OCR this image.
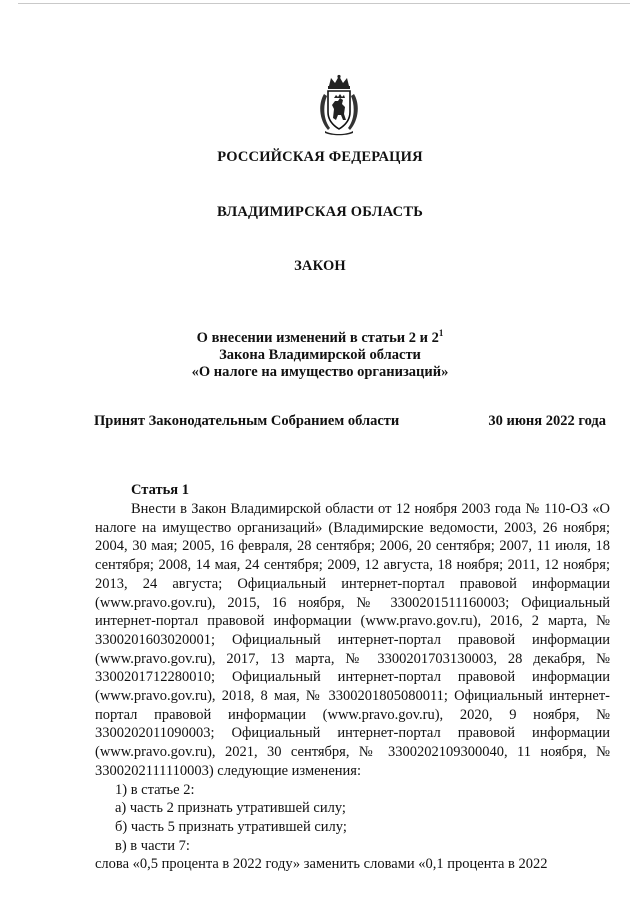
РОССИЙСКАЯ ФЕДЕРАЦИЯ
ВЛАДИМИРСКАЯ ОБЛАСТЬ
ЗАКОН
О внесении изменений в статьи 2 и $2^1$
Закона Владимирской области
«О налоге на имущество организаций»
Принят Законодательным Собранием области	30 июня 2022 года
Статья 1

Внести в Закон Владимирской области от 12 ноября 2003 года № 110-ОЗ «О налоге на имущество организаций» (Владимирские ведомости, 2003, 26 ноября; 2004, 30 мая; 2005, 16 февраля, 28 сентября; 2006, 20 сентября; 2007, 11 июля, 18 сентября; 2008, 14 мая, 24 сентября; 2009, 12 августа, 18 ноября; 2011, 12 ноября; 2013, 24 августа; Официальный интернет-портал правовой информации (www.pravo.gov.ru), 2015, 16 ноября, № 3300201511160003; Официальный интернет-портал правовой информации (www.pravo.gov.ru), 2016, 2 марта, № 3300201603020001; Официальный интернет-портал правовой информации (www.pravo.gov.ru), 2017, 13 марта, № 3300201703130003, 28 декабря, № 3300201712280010; Официальный интернет-портал правовой информации (www.pravo.gov.ru), 2018, 8 мая, № 3300201805080011; Официальный интернет-портал правовой информации (www.pravo.gov.ru), 2020, 9 ноября, № 3300202011090003; Официальный интернет-портал правовой информации (www.pravo.gov.ru), 2021, 30 сентября, № 3300202109300040, 11 ноября, № 3300202111110003) следующие изменения:

1) в статье 2:

а) часть 2 признать утратившей силу;

б) часть 5 признать утратившей силу;

в) в части 7:

слова «0,5 процента в 2022 году» заменить словами «0,1 процента в 2022
